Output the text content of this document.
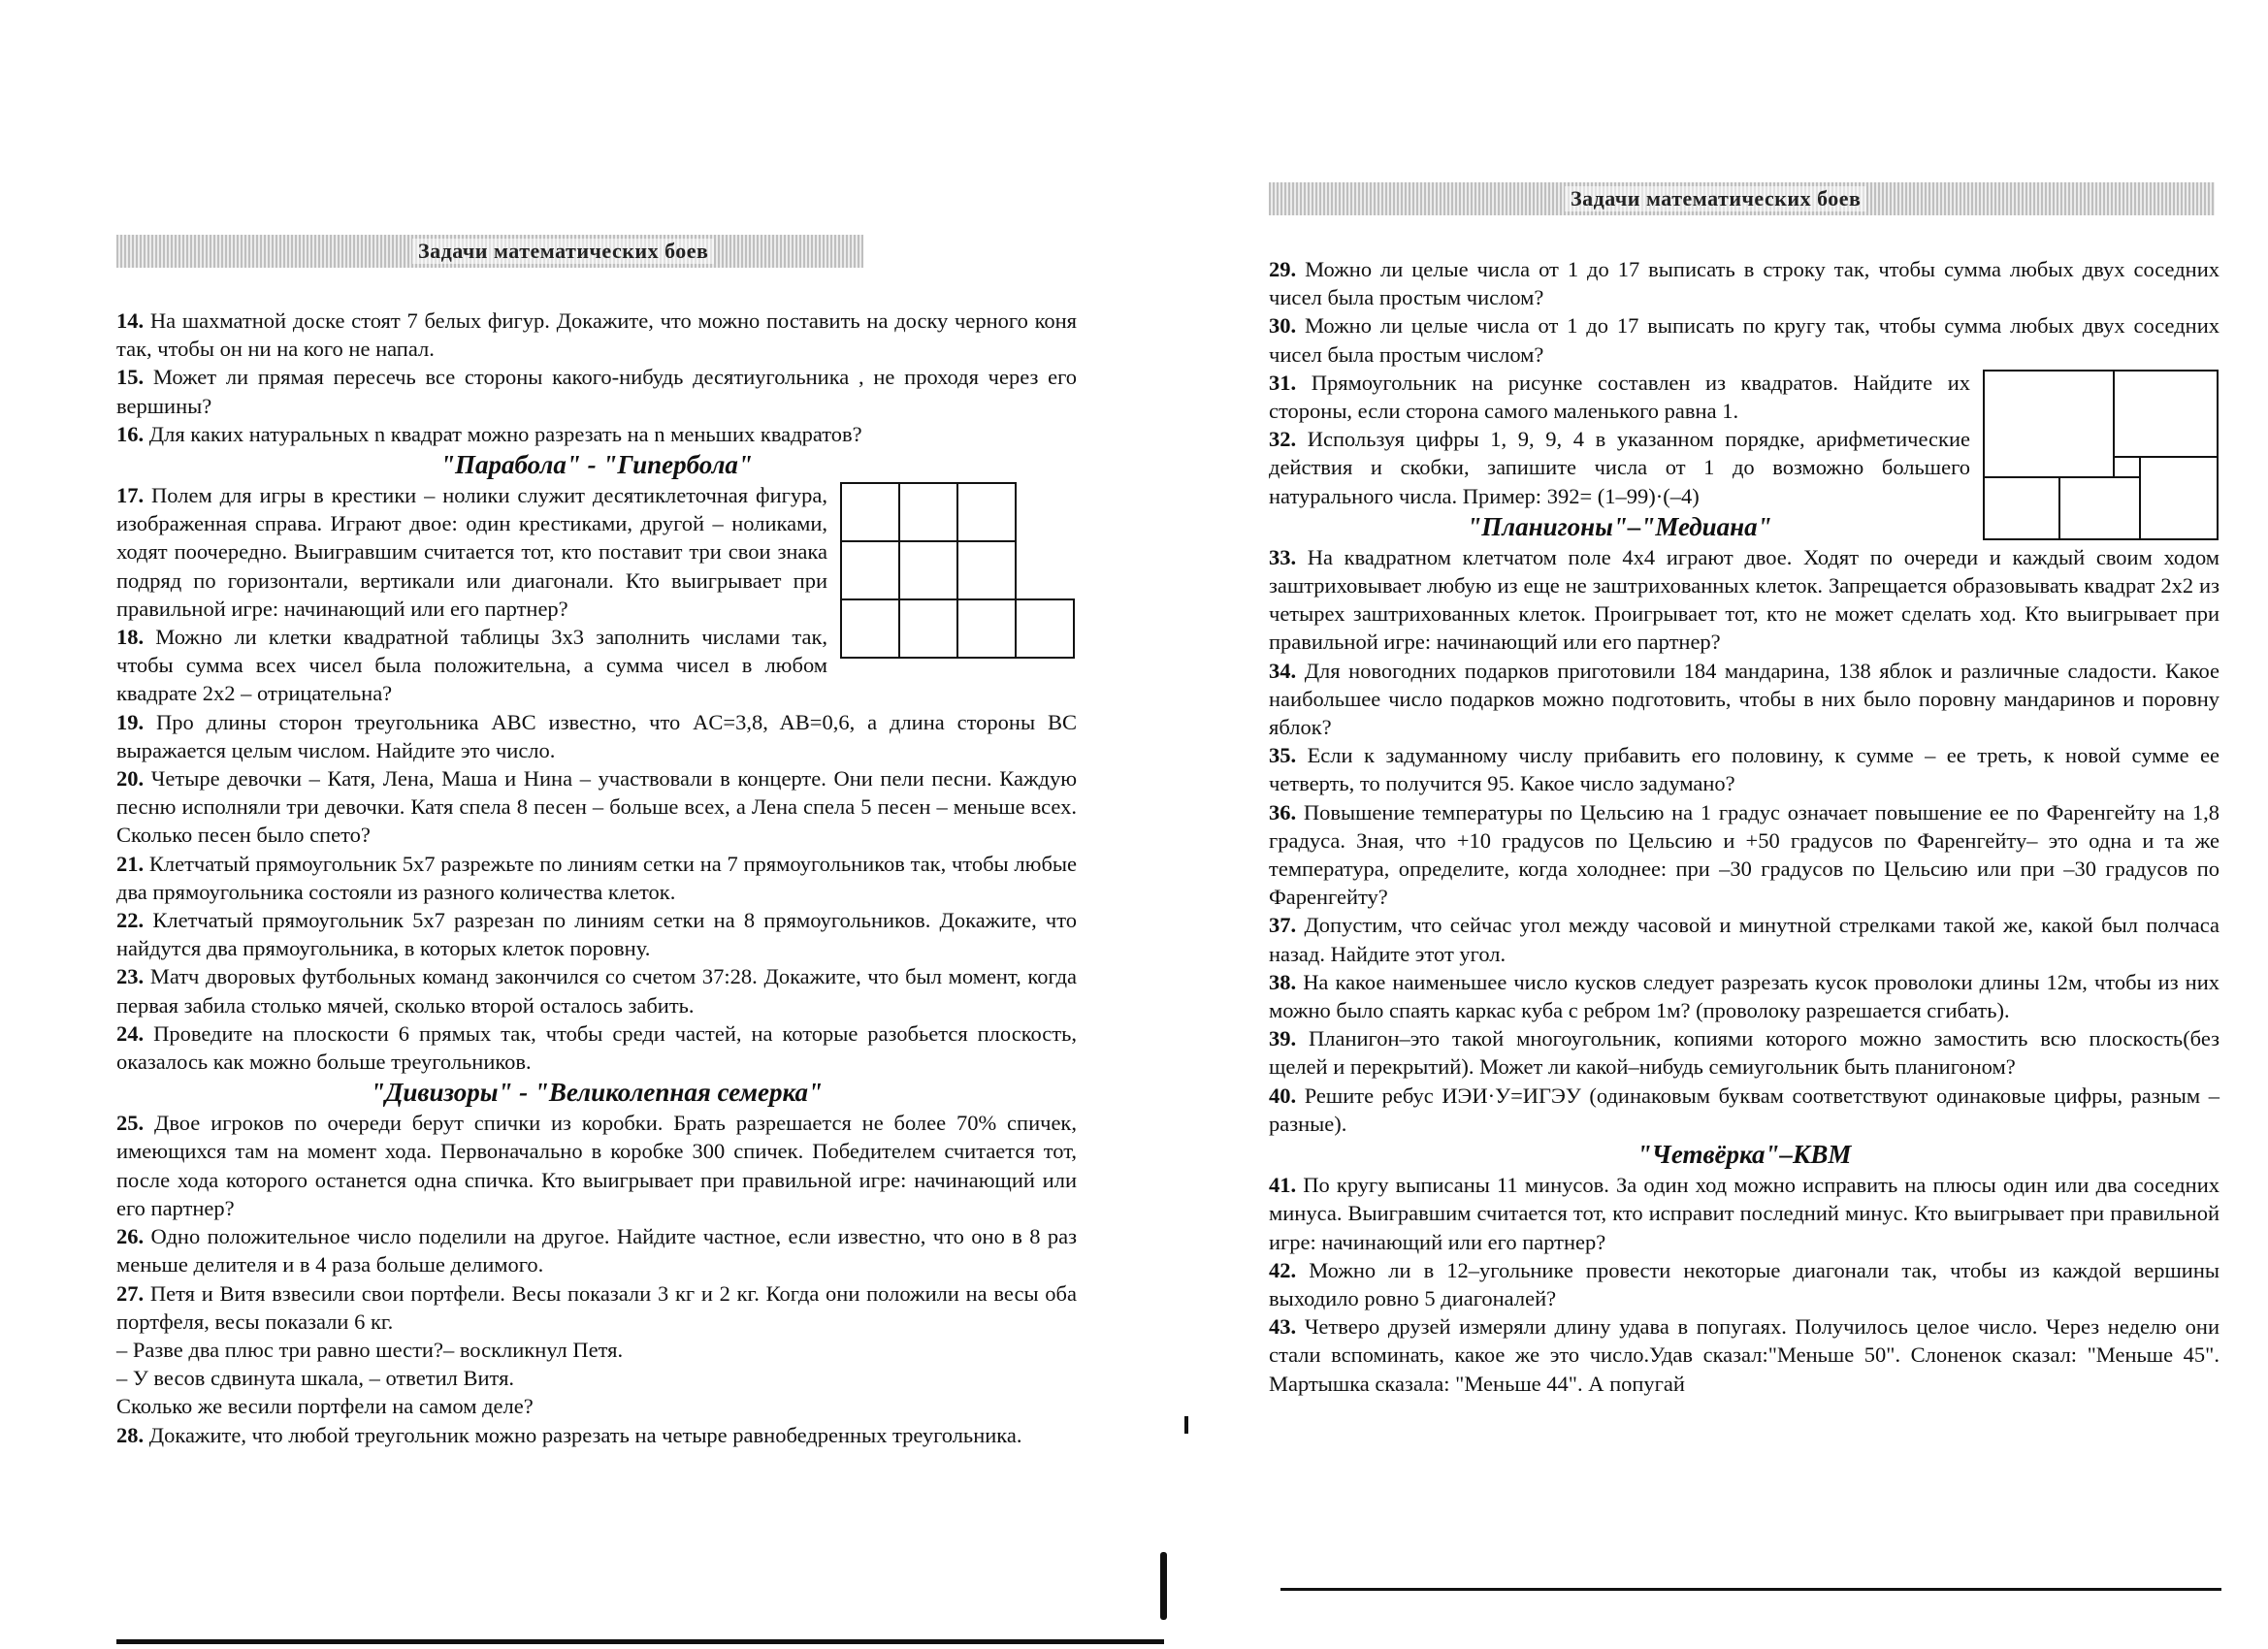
Задачи математических боев

14. На шахматной доске стоят 7 белых фигур. Докажите, что можно поставить на доску черного коня так, чтобы он ни на кого не напал.

15. Может ли прямая пересечь все стороны какого-нибудь десятиугольника , не проходя через его вершины?

16. Для каких натуральных n квадрат можно разрезать на n меньших квадратов?

"Парабола" - "Гипербола"

17. Полем для игры в крестики – нолики служит десятиклеточная фигура, изображенная справа. Играют двое: один крестиками, другой – ноликами, ходят поочередно. Выигравшим считается тот, кто поставит три свои знака подряд по горизонтали, вертикали или диагонали. Кто выигрывает при правильной игре: начинающий или его партнер?

18. Можно ли клетки квадратной таблицы 3х3 заполнить числами так, чтобы сумма всех чисел была положительна, а сумма чисел в любом квадрате 2х2 – отрицательна?

19. Про длины сторон треугольника ABC известно, что AC=3,8, AB=0,6, а длина стороны BC выражается целым числом. Найдите это число.

20. Четыре девочки – Катя, Лена, Маша и Нина – участвовали в концерте. Они пели песни. Каждую песню исполняли три девочки. Катя спела 8 песен – больше всех, а Лена спела 5 песен – меньше всех. Сколько песен было спето?

21. Клетчатый прямоугольник 5х7 разрежьте по линиям сетки на 7 прямоугольников так, чтобы любые два прямоугольника состояли из разного количества клеток.

22. Клетчатый прямоугольник 5х7 разрезан по линиям сетки на 8 прямоугольников. Докажите, что найдутся два прямоугольника, в которых клеток поровну.

23. Матч дворовых футбольных команд закончился со счетом 37:28. Докажите, что был момент, когда первая забила столько мячей, сколько второй осталось забить.

24. Проведите на плоскости 6 прямых так, чтобы среди частей, на которые разобьется плоскость, оказалось как можно больше треугольников.

"Дивизоры" - "Великолепная семерка"

25. Двое игроков по очереди берут спички из коробки. Брать разрешается не более 70% спичек, имеющихся там на момент хода. Первоначально в коробке 300 спичек. Победителем считается тот, после хода которого останется одна спичка. Кто выигрывает при правильной игре: начинающий или его партнер?

26. Одно положительное число поделили на другое. Найдите частное, если известно, что оно в 8 раз меньше делителя и в 4 раза больше делимого.

27. Петя и Витя взвесили свои портфели. Весы показали 3 кг и 2 кг. Когда они положили на весы оба портфеля, весы показали 6 кг.

– Разве два плюс три равно шести?– воскликнул Петя.

– У весов сдвинута шкала, – ответил Витя.

Сколько же весили портфели на самом деле?

28. Докажите, что любой треугольник можно разрезать на четыре равнобедренных треугольника.

Задачи математических боев

29. Можно ли целые числа от 1 до 17 выписать в строку так, чтобы сумма любых двух соседних чисел была простым числом?

30. Можно ли целые числа от 1 до 17 выписать по кругу так, чтобы сумма любых двух соседних чисел была простым числом?

31. Прямоугольник на рисунке составлен из квадратов. Найдите их стороны, если сторона самого маленького равна 1.

32. Используя цифры 1, 9, 9, 4 в указанном порядке, арифметические действия и скобки, запишите числа от 1 до возможно большего натурального числа. Пример: 392= (1–99)·(–4)

"Планигоны"–"Медиана"

33. На квадратном клетчатом поле 4х4 играют двое. Ходят по очереди и каждый своим ходом заштриховывает любую из еще не заштрихованных клеток. Запрещается образовывать квадрат 2х2 из четырех заштрихованных клеток. Проигрывает тот, кто не может сделать ход. Кто выигрывает при правильной игре: начинающий или его партнер?

34. Для новогодних подарков приготовили 184 мандарина, 138 яблок и различные сладости. Какое наибольшее число подарков можно подготовить, чтобы в них было поровну мандаринов и поровну яблок?

35. Если к задуманному числу прибавить его половину, к сумме – ее треть, к новой сумме ее четверть, то получится 95. Какое число задумано?

36. Повышение температуры по Цельсию на 1 градус означает повышение ее по Фаренгейту на 1,8 градуса. Зная, что +10 градусов по Цельсию и +50 градусов по Фаренгейту– это одна и та же температура, определите, когда холоднее: при –30 градусов по Цельсию или при –30 градусов по Фаренгейту?

37. Допустим, что сейчас угол между часовой и минутной стрелками такой же, какой был полчаса назад. Найдите этот угол.

38. На какое наименьшее число кусков следует разрезать кусок проволоки длины 12м, чтобы из них можно было спаять каркас куба с ребром 1м? (проволоку разрешается сгибать).

39. Планигон–это такой многоугольник, копиями которого можно замостить всю плоскость(без щелей и перекрытий). Может ли какой–нибудь семиугольник быть планигоном?

40. Решите ребус ИЭИ·У=ИГЭУ (одинаковым буквам соответствуют одинаковые цифры, разным – разные).

"Четвёрка"–КВМ

41. По кругу выписаны 11 минусов. За один ход можно исправить на плюсы один или два соседних минуса. Выигравшим считается тот, кто исправит последний минус. Кто выигрывает при правильной игре: начинающий или его партнер?

42. Можно ли в 12–угольнике провести некоторые диагонали так, чтобы из каждой вершины выходило ровно 5 диагоналей?

43. Четверо друзей измеряли длину удава в попугаях. Получилось целое число. Через неделю они стали вспоминать, какое же это число.Удав сказал:"Меньше 50". Слоненок сказал: "Меньше 45". Мартышка сказала: "Меньше 44". А попугай
